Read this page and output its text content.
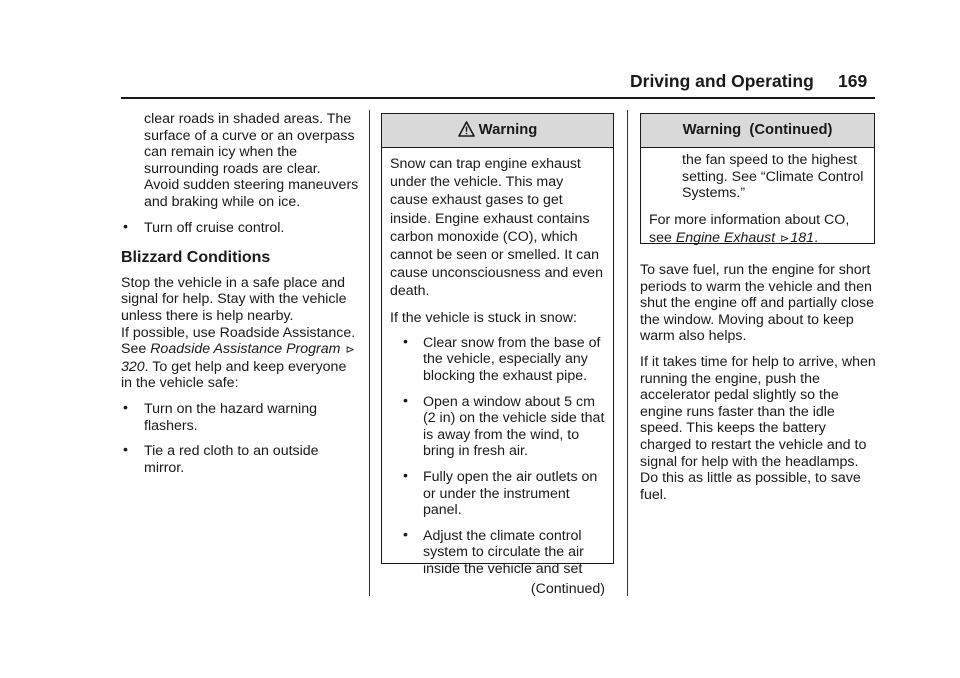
Driving and Operating 169
clear roads in shaded areas. The surface of a curve or an overpass can remain icy when the surrounding roads are clear. Avoid sudden steering maneuvers and braking while on ice.
• Turn off cruise control.
Blizzard Conditions
Stop the vehicle in a safe place and signal for help. Stay with the vehicle unless there is help nearby.

If possible, use Roadside Assistance. See Roadside Assistance Program ⊳320. To get help and keep everyone in the vehicle safe:

• Turn on the hazard warning flashers.
• Tie a red cloth to an outside mirror.
Warning

Snow can trap engine exhaust under the vehicle. This may cause exhaust gases to get inside. Engine exhaust contains carbon monoxide (CO), which cannot be seen or smelled. It can cause unconsciousness and even death.

If the vehicle is stuck in snow:

• Clear snow from the base of the vehicle, especially any blocking the exhaust pipe.
• Open a window about 5 cm (2 in) on the vehicle side that is away from the wind, to bring in fresh air.
• Fully open the air outlets on or under the instrument panel.
• Adjust the climate control system to circulate the air inside the vehicle and set
(Continued)
Warning  (Continued)
the fan speed to the highest setting. See “Climate Control Systems.”

For more information about CO, see Engine Exhaust ⊳181.

To save fuel, run the engine for short periods to warm the vehicle and then shut the engine off and partially close the window. Moving about to keep warm also helps.

If it takes time for help to arrive, when running the engine, push the accelerator pedal slightly so the engine runs faster than the idle speed. This keeps the battery charged to restart the vehicle and to signal for help with the headlamps. Do this as little as possible, to save fuel.
